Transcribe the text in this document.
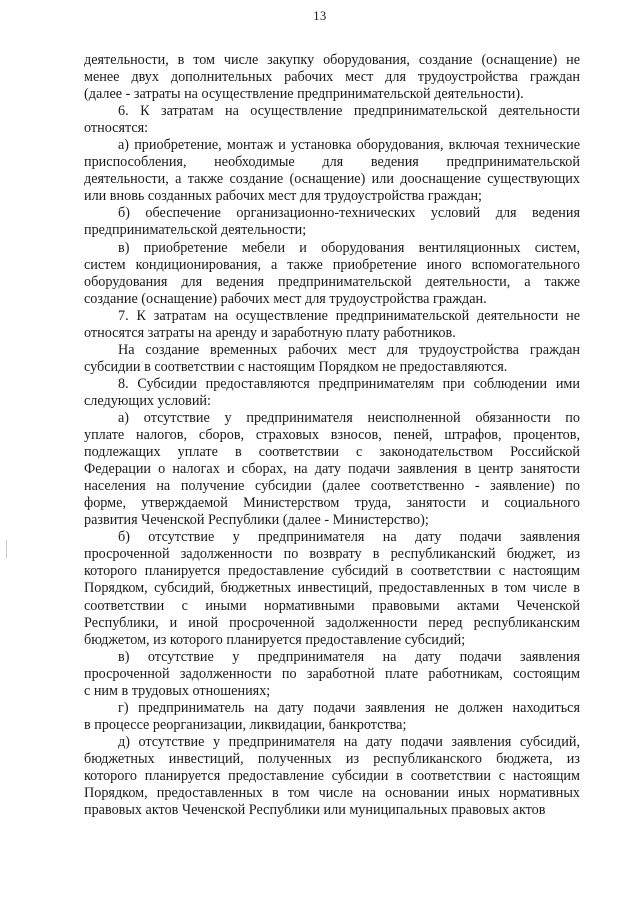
13
деятельности, в том числе закупку оборудования, создание (оснащение) не
менее двух дополнительных рабочих мест для трудоустройства граждан
(далее - затраты на осуществление предпринимательской деятельности).
6. К затратам на осуществление предпринимательской деятельности
относятся:
а) приобретение, монтаж и установка оборудования, включая технические
приспособления, необходимые для ведения предпринимательской
деятельности, а также создание (оснащение) или дооснащение существующих
или вновь созданных рабочих мест для трудоустройства граждан;
б) обеспечение организационно-технических условий для ведения
предпринимательской деятельности;
в) приобретение мебели и оборудования вентиляционных систем,
систем кондиционирования, а также приобретение иного вспомогательного
оборудования для ведения предпринимательской деятельности, а также
создание (оснащение) рабочих мест для трудоустройства граждан.
7. К затратам на осуществление предпринимательской деятельности не
относятся затраты на аренду и заработную плату работников.
На создание временных рабочих мест для трудоустройства граждан
субсидии в соответствии с настоящим Порядком не предоставляются.
8. Субсидии предоставляются предпринимателям при соблюдении ими
следующих условий:
а) отсутствие у предпринимателя неисполненной обязанности по
уплате налогов, сборов, страховых взносов, пеней, штрафов, процентов,
подлежащих уплате в соответствии с законодательством Российской
Федерации о налогах и сборах, на дату подачи заявления в центр занятости
населения на получение субсидии (далее соответственно - заявление) по
форме, утверждаемой Министерством труда, занятости и социального
развития Чеченской Республики (далее - Министерство);
б) отсутствие у предпринимателя на дату подачи заявления
просроченной задолженности по возврату в республиканский бюджет, из
которого планируется предоставление субсидий в соответствии с настоящим
Порядком, субсидий, бюджетных инвестиций, предоставленных в том числе в
соответствии с иными нормативными правовыми актами Чеченской
Республики, и иной просроченной задолженности перед республиканским
бюджетом, из которого планируется предоставление субсидий;
в) отсутствие у предпринимателя на дату подачи заявления
просроченной задолженности по заработной плате работникам, состоящим
с ним в трудовых отношениях;
г) предприниматель на дату подачи заявления не должен находиться
в процессе реорганизации, ликвидации, банкротства;
д) отсутствие у предпринимателя на дату подачи заявления субсидий,
бюджетных инвестиций, полученных из республиканского бюджета, из
которого планируется предоставление субсидии в соответствии с настоящим
Порядком, предоставленных в том числе на основании иных нормативных
правовых актов Чеченской Республики или муниципальных правовых актов
